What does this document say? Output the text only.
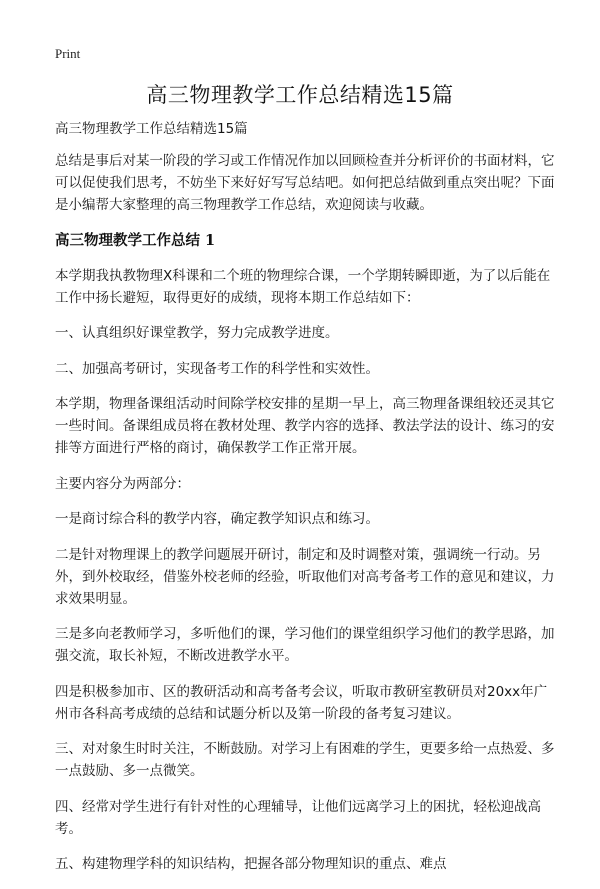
Print
高三物理教学工作总结精选15篇

高三物理教学工作总结精选15篇

总结是事后对某一阶段的学习或工作情况作加以回顾检查并分析评价的书面材料，它可以促使我们思考，不妨坐下来好好写写总结吧。如何把总结做到重点突出呢？下面是小编帮大家整理的高三物理教学工作总结，欢迎阅读与收藏。

高三物理教学工作总结 1

本学期我执教物理X科课和二个班的物理综合课，一个学期转瞬即逝，为了以后能在工作中扬长避短，取得更好的成绩，现将本期工作总结如下：

一、认真组织好课堂教学，努力完成教学进度。

二、加强高考研讨，实现备考工作的科学性和实效性。

本学期，物理备课组活动时间除学校安排的星期一早上，高三物理备课组较还灵其它一些时间。备课组成员将在教材处理、教学内容的选择、教法学法的设计、练习的安排等方面进行严格的商讨，确保教学工作正常开展。

主要内容分为两部分：

一是商讨综合科的教学内容，确定教学知识点和练习。

二是针对物理课上的教学问题展开研讨，制定和及时调整对策，强调统一行动。另外，到外校取经，借鉴外校老师的经验，听取他们对高考备考工作的意见和建议，力求效果明显。

三是多向老教师学习，多听他们的课，学习他们的课堂组织学习他们的教学思路，加强交流，取长补短，不断改进教学水平。

四是积极参加市、区的教研活动和高考备考会议，听取市教研室教研员对20xx年广州市各科高考成绩的总结和试题分析以及第一阶段的备考复习建议。

三、对对象生时时关注，不断鼓励。对学习上有困难的学生，更要多给一点热爱、多一点鼓励、多一点微笑。

四、经常对学生进行有针对性的心理辅导，让他们远离学习上的困扰，轻松迎战高考。

五、构建物理学科的知识结构，把握各部分物理知识的重点、难点
